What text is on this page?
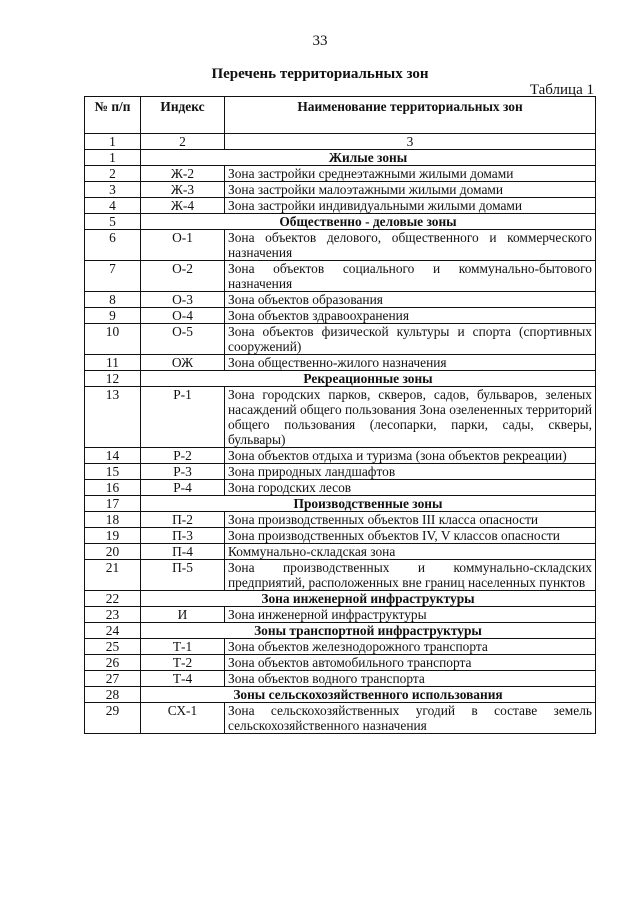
33
Перечень территориальных зон
Таблица 1
№ п/п	Индекс	Наименование территориальных зон
1	2	3
1	Жилые зоны	
2	Ж-2	Зона застройки среднеэтажными жилыми домами
3	Ж-3	Зона застройки малоэтажными жилыми домами
4	Ж-4	Зона застройки индивидуальными жилыми домами
5	Общественно - деловые зоны	
6	О-1	Зона объектов делового, общественного и коммерческого назначения
7	О-2	Зона объектов социального и коммунально-бытового назначения
8	О-3	Зона объектов образования
9	О-4	Зона объектов здравоохранения
10	О-5	Зона объектов физической культуры и спорта (спортивных сооружений)
11	ОЖ	Зона общественно-жилого назначения
12	Рекреационные зоны	
13	Р-1	Зона городских парков, скверов, садов, бульваров, зеленых насаждений общего пользования Зона озелененных территорий общего пользования (лесопарки, парки, сады, скверы, бульвары)
14	Р-2	Зона объектов отдыха и туризма (зона объектов рекреации)
15	Р-3	Зона природных ландшафтов
16	Р-4	Зона городских лесов
17	Производственные зоны	
18	П-2	Зона производственных объектов III класса опасности
19	П-3	Зона производственных объектов IV, V классов опасности
20	П-4	Коммунально-складская зона
21	П-5	Зона производственных и коммунально-складских предприятий, расположенных вне границ населенных пунктов
22	Зона инженерной инфраструктуры	
23	И	Зона инженерной инфраструктуры
24	Зоны транспортной инфраструктуры	
25	Т-1	Зона объектов железнодорожного транспорта
26	Т-2	Зона объектов автомобильного транспорта
27	Т-4	Зона объектов водного транспорта
28	Зоны сельскохозяйственного использования	
29	СХ-1	Зона сельскохозяйственных угодий в составе земель сельскохозяйственного назначения
